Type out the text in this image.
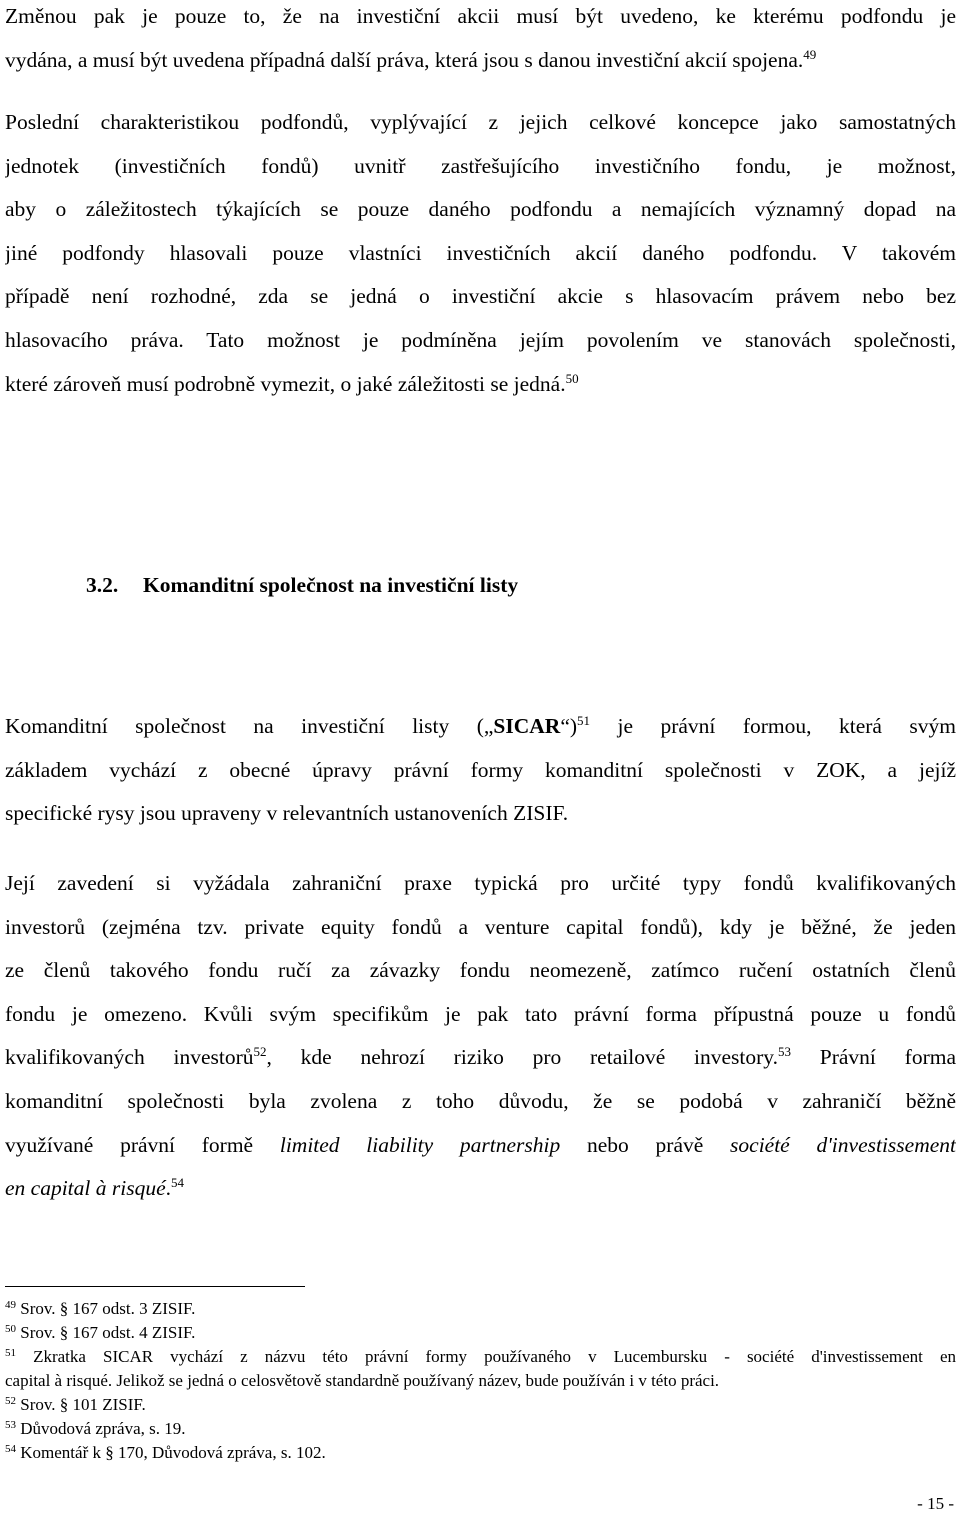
Změnou pak je pouze to, že na investiční akcii musí být uvedeno, ke kterému podfondu je
vydána, a musí být uvedena případná další práva, která jsou s danou investiční akcií spojena.$^{49}$
Poslední charakteristikou podfondů, vyplývající z jejich celkové koncepce jako samostatných
jednotek (investičních fondů) uvnitř zastřešujícího investičního fondu, je možnost,
aby o záležitostech týkajících se pouze daného podfondu a nemajících významný dopad na
jiné podfondy hlasovali pouze vlastníci investičních akcií daného podfondu. V takovém
případě není rozhodné, zda se jedná o investiční akcie s hlasovacím právem nebo bez
hlasovacího práva. Tato možnost je podmíněna jejím povolením ve stanovách společnosti,
které zároveň musí podrobně vymezit, o jaké záležitosti se jedná.$^{50}$
3.2. Komanditní společnost na investiční listy
Komanditní společnost na investiční listy („SICAR“)$^{51}$ je právní formou, která svým
základem vychází z obecné úpravy právní formy komanditní společnosti v ZOK, a jejíž
specifické rysy jsou upraveny v relevantních ustanoveních ZISIF.
Její zavedení si vyžádala zahraniční praxe typická pro určité typy fondů kvalifikovaných
investorů (zejména tzv. private equity fondů a venture capital fondů), kdy je běžné, že jeden
ze členů takového fondu ručí za závazky fondu neomezeně, zatímco ručení ostatních členů
fondu je omezeno. Kvůli svým specifikům je pak tato právní forma přípustná pouze u fondů
kvalifikovaných investorů$^{52}$, kde nehrozí riziko pro retailové investory.$^{53}$ Právní forma
komanditní společnosti byla zvolena z toho důvodu, že se podobá v zahraničí běžně
využívané právní formě limited liability partnership nebo právě société d'investissement
en capital à risqué.$^{54}$
$^{49}$ Srov. § 167 odst. 3 ZISIF.
$^{50}$ Srov. § 167 odst. 4 ZISIF.
$^{51}$ Zkratka SICAR vychází z názvu této právní formy používaného v Lucembursku - société d'investissement en
capital à risqué. Jelikož se jedná o celosvětově standardně používaný název, bude používán i v této práci.
$^{52}$ Srov. § 101 ZISIF.
$^{53}$ Důvodová zpráva, s. 19.
$^{54}$ Komentář k § 170, Důvodová zpráva, s. 102.
- 15 -
